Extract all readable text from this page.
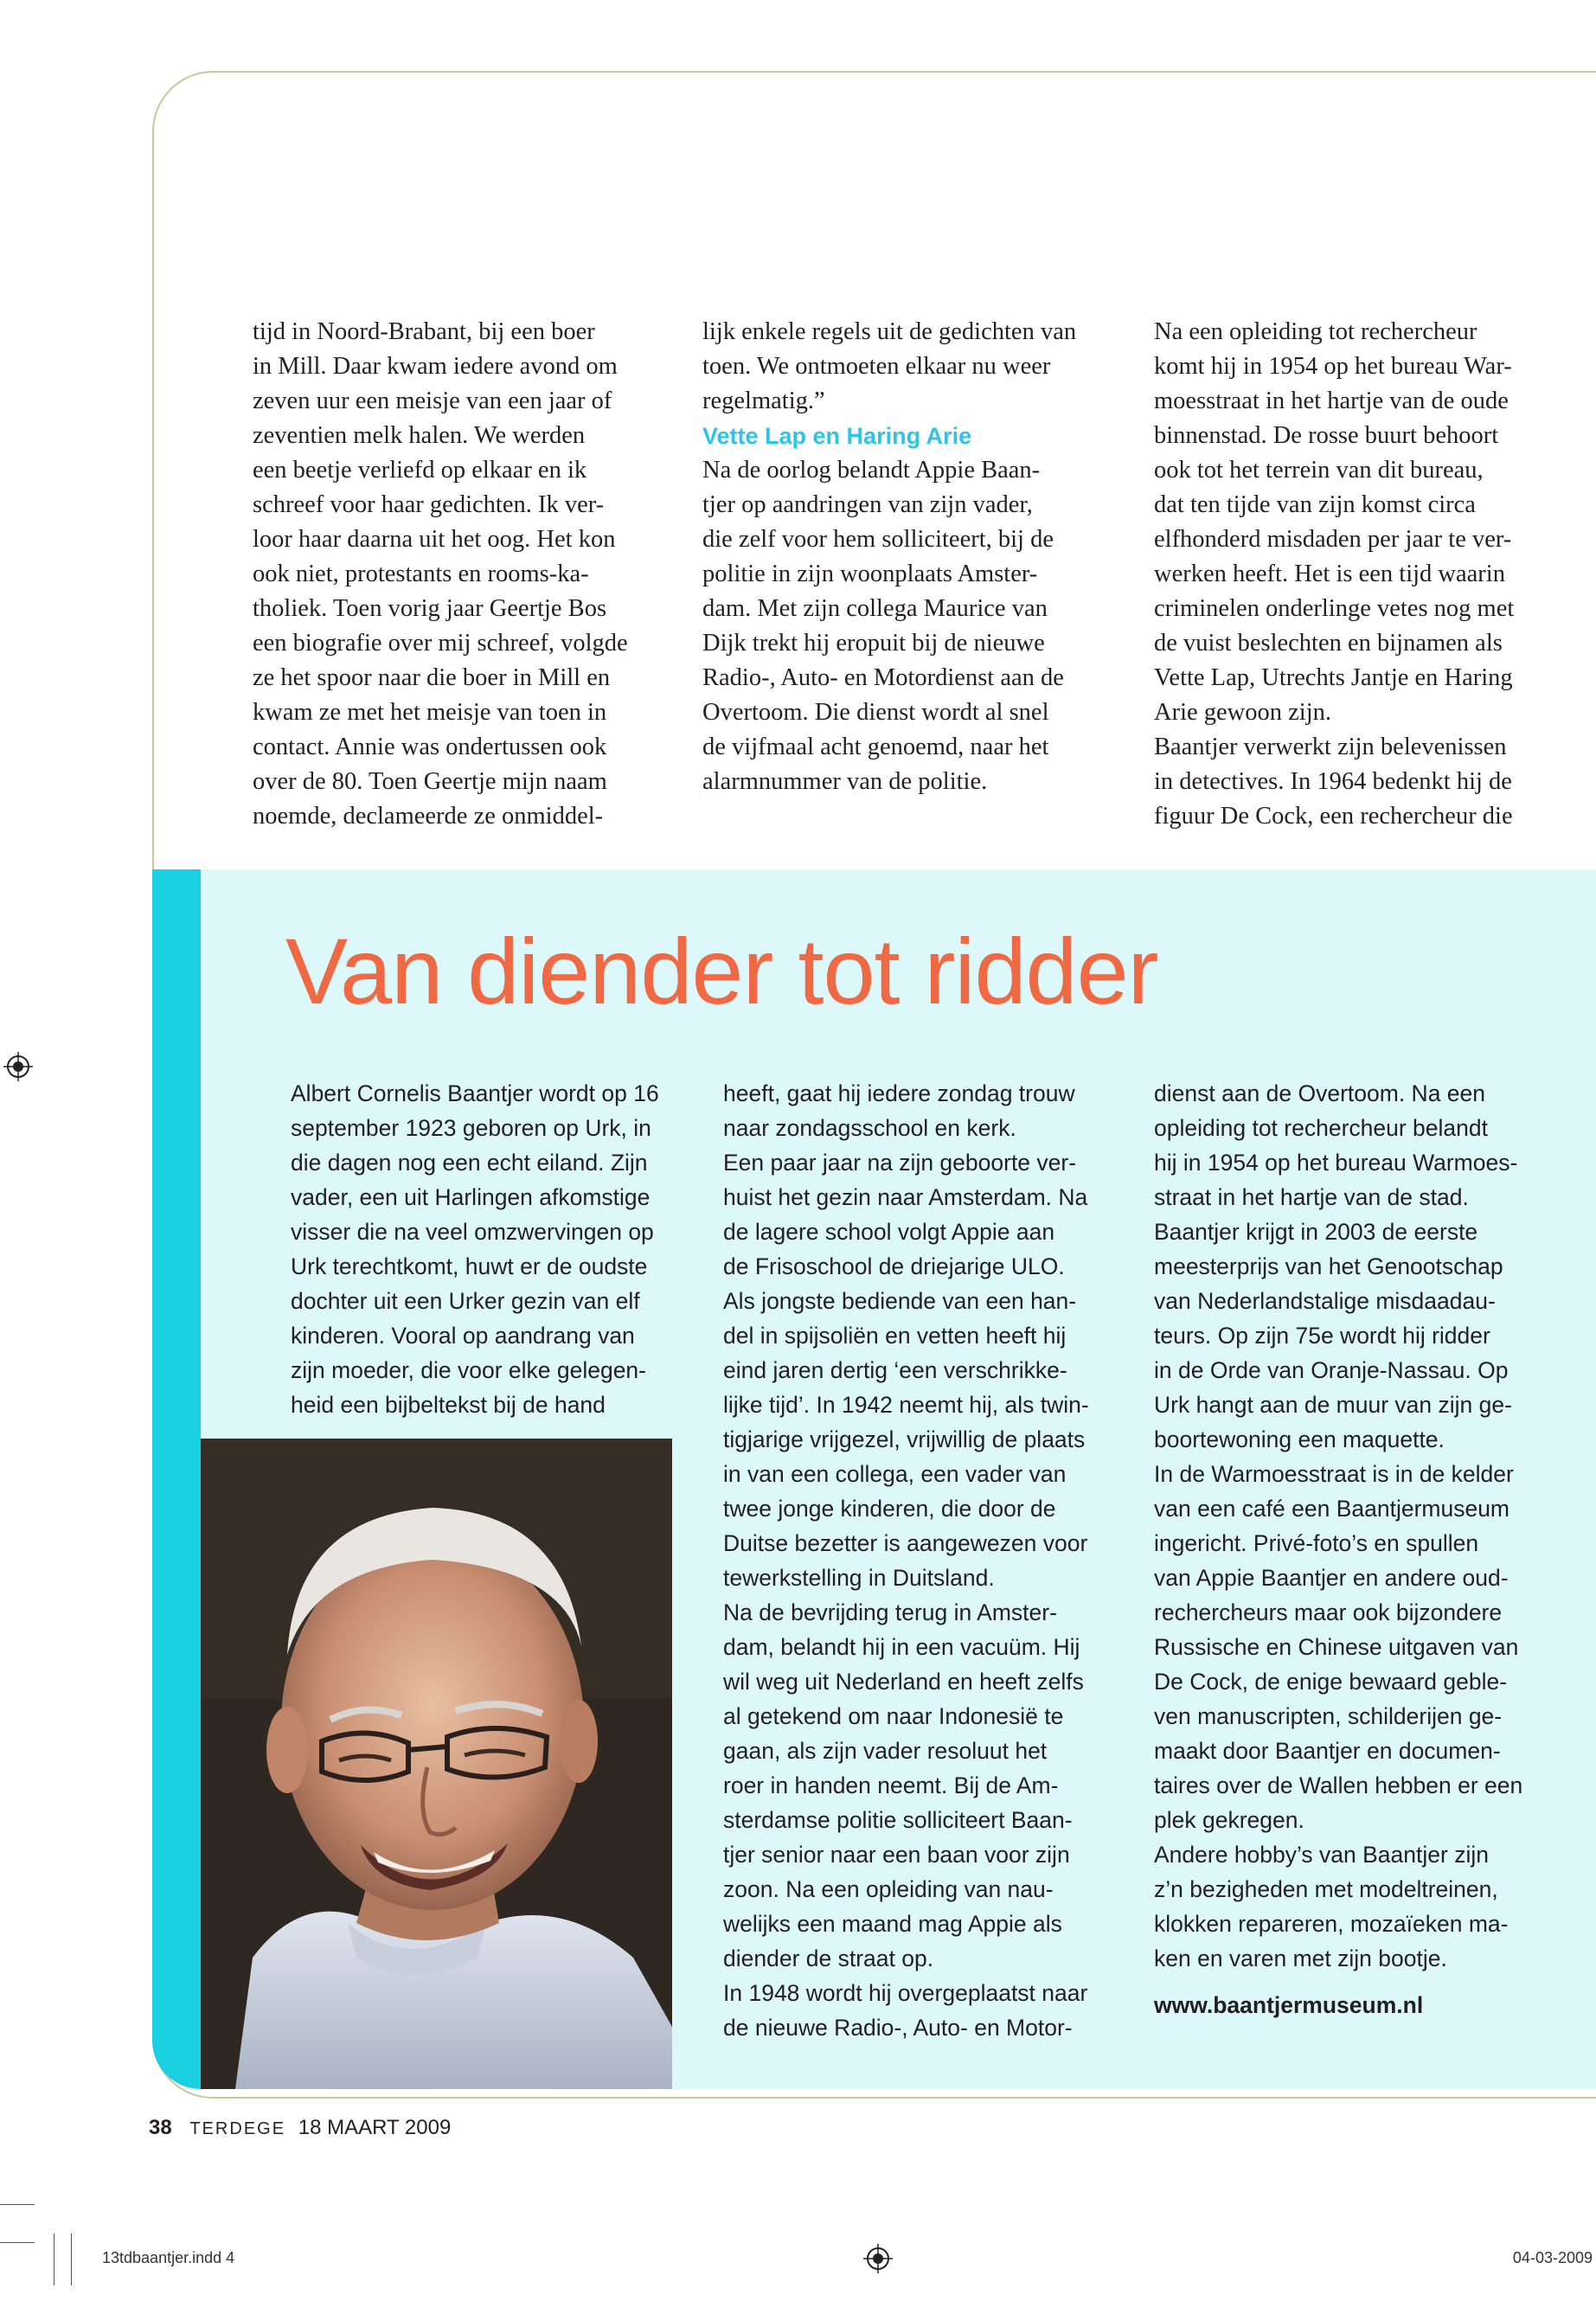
tijd in Noord-Brabant, bij een boer

in Mill. Daar kwam iedere avond om

zeven uur een meisje van een jaar of

zeventien melk halen. We werden

een beetje verliefd op elkaar en ik

schreef voor haar gedichten. Ik ver-

loor haar daarna uit het oog. Het kon

ook niet, protestants en rooms-ka-

tholiek. Toen vorig jaar Geertje Bos

een biografie over mij schreef, volgde

ze het spoor naar die boer in Mill en

kwam ze met het meisje van toen in

contact. Annie was ondertussen ook

over de 80. Toen Geertje mijn naam

noemde, declameerde ze onmiddel-

lijk enkele regels uit de gedichten van

toen. We ontmoeten elkaar nu weer

regelmatig.”

Vette Lap en Haring Arie

Na de oorlog belandt Appie Baan-

tjer op aandringen van zijn vader,

die zelf voor hem solliciteert, bij de

politie in zijn woonplaats Amster-

dam. Met zijn collega Maurice van

Dijk trekt hij eropuit bij de nieuwe

Radio-, Auto- en Motordienst aan de

Overtoom. Die dienst wordt al snel

de vijfmaal acht genoemd, naar het

alarmnummer van de politie.

Na een opleiding tot rechercheur

komt hij in 1954 op het bureau War-

moesstraat in het hartje van de oude

binnenstad. De rosse buurt behoort

ook tot het terrein van dit bureau,

dat ten tijde van zijn komst circa

elfhonderd misdaden per jaar te ver-

werken heeft. Het is een tijd waarin

criminelen onderlinge vetes nog met

de vuist beslechten en bijnamen als

Vette Lap, Utrechts Jantje en Haring

Arie gewoon zijn.

Baantjer verwerkt zijn belevenissen

in detectives. In 1964 bedenkt hij de

figuur De Cock, een rechercheur die

Van diender tot ridder

Albert Cornelis Baantjer wordt op 16

september 1923 geboren op Urk, in

die dagen nog een echt eiland. Zijn

vader, een uit Harlingen afkomstige

visser die na veel omzwervingen op

Urk terechtkomt, huwt er de oudste

dochter uit een Urker gezin van elf

kinderen. Vooral op aandrang van

zijn moeder, die voor elke gelegen-

heid een bijbeltekst bij de hand

heeft, gaat hij iedere zondag trouw

naar zondagsschool en kerk.

Een paar jaar na zijn geboorte ver-

huist het gezin naar Amsterdam. Na

de lagere school volgt Appie aan

de Frisoschool de driejarige ULO.

Als jongste bediende van een han-

del in spijsoliën en vetten heeft hij

eind jaren dertig ‘een verschrikke-

lijke tijd’. In 1942 neemt hij, als twin-

tigjarige vrijgezel, vrijwillig de plaats

in van een collega, een vader van

twee jonge kinderen, die door de

Duitse bezetter is aangewezen voor

tewerkstelling in Duitsland.

Na de bevrijding terug in Amster-

dam, belandt hij in een vacuüm. Hij

wil weg uit Nederland en heeft zelfs

al getekend om naar Indonesië te

gaan, als zijn vader resoluut het

roer in handen neemt. Bij de Am-

sterdamse politie solliciteert Baan-

tjer senior naar een baan voor zijn

zoon. Na een opleiding van nau-

welijks een maand mag Appie als

diender de straat op.

In 1948 wordt hij overgeplaatst naar

de nieuwe Radio-, Auto- en Motor-

dienst aan de Overtoom. Na een

opleiding tot rechercheur belandt

hij in 1954 op het bureau Warmoes-

straat in het hartje van de stad.

Baantjer krijgt in 2003 de eerste

meesterprijs van het Genootschap

van Nederlandstalige misdaadau-

teurs. Op zijn 75e wordt hij ridder

in de Orde van Oranje-Nassau. Op

Urk hangt aan de muur van zijn ge-

boortewoning een maquette.

In de Warmoesstraat is in de kelder

van een café een Baantjermuseum

ingericht. Privé-foto’s en spullen

van Appie Baantjer en andere oud-

rechercheurs maar ook bijzondere

Russische en Chinese uitgaven van

De Cock, de enige bewaard geble-

ven manuscripten, schilderijen ge-

maakt door Baantjer en documen-

taires over de Wallen hebben er een

plek gekregen.

Andere hobby’s van Baantjer zijn

z’n bezigheden met modeltreinen,

klokken repareren, mozaïeken ma-

ken en varen met zijn bootje.

www.baantjermuseum.nl

38 TERDEGE 18 MAART 2009
13tdbaantjer.indd 4	04-03-2009
